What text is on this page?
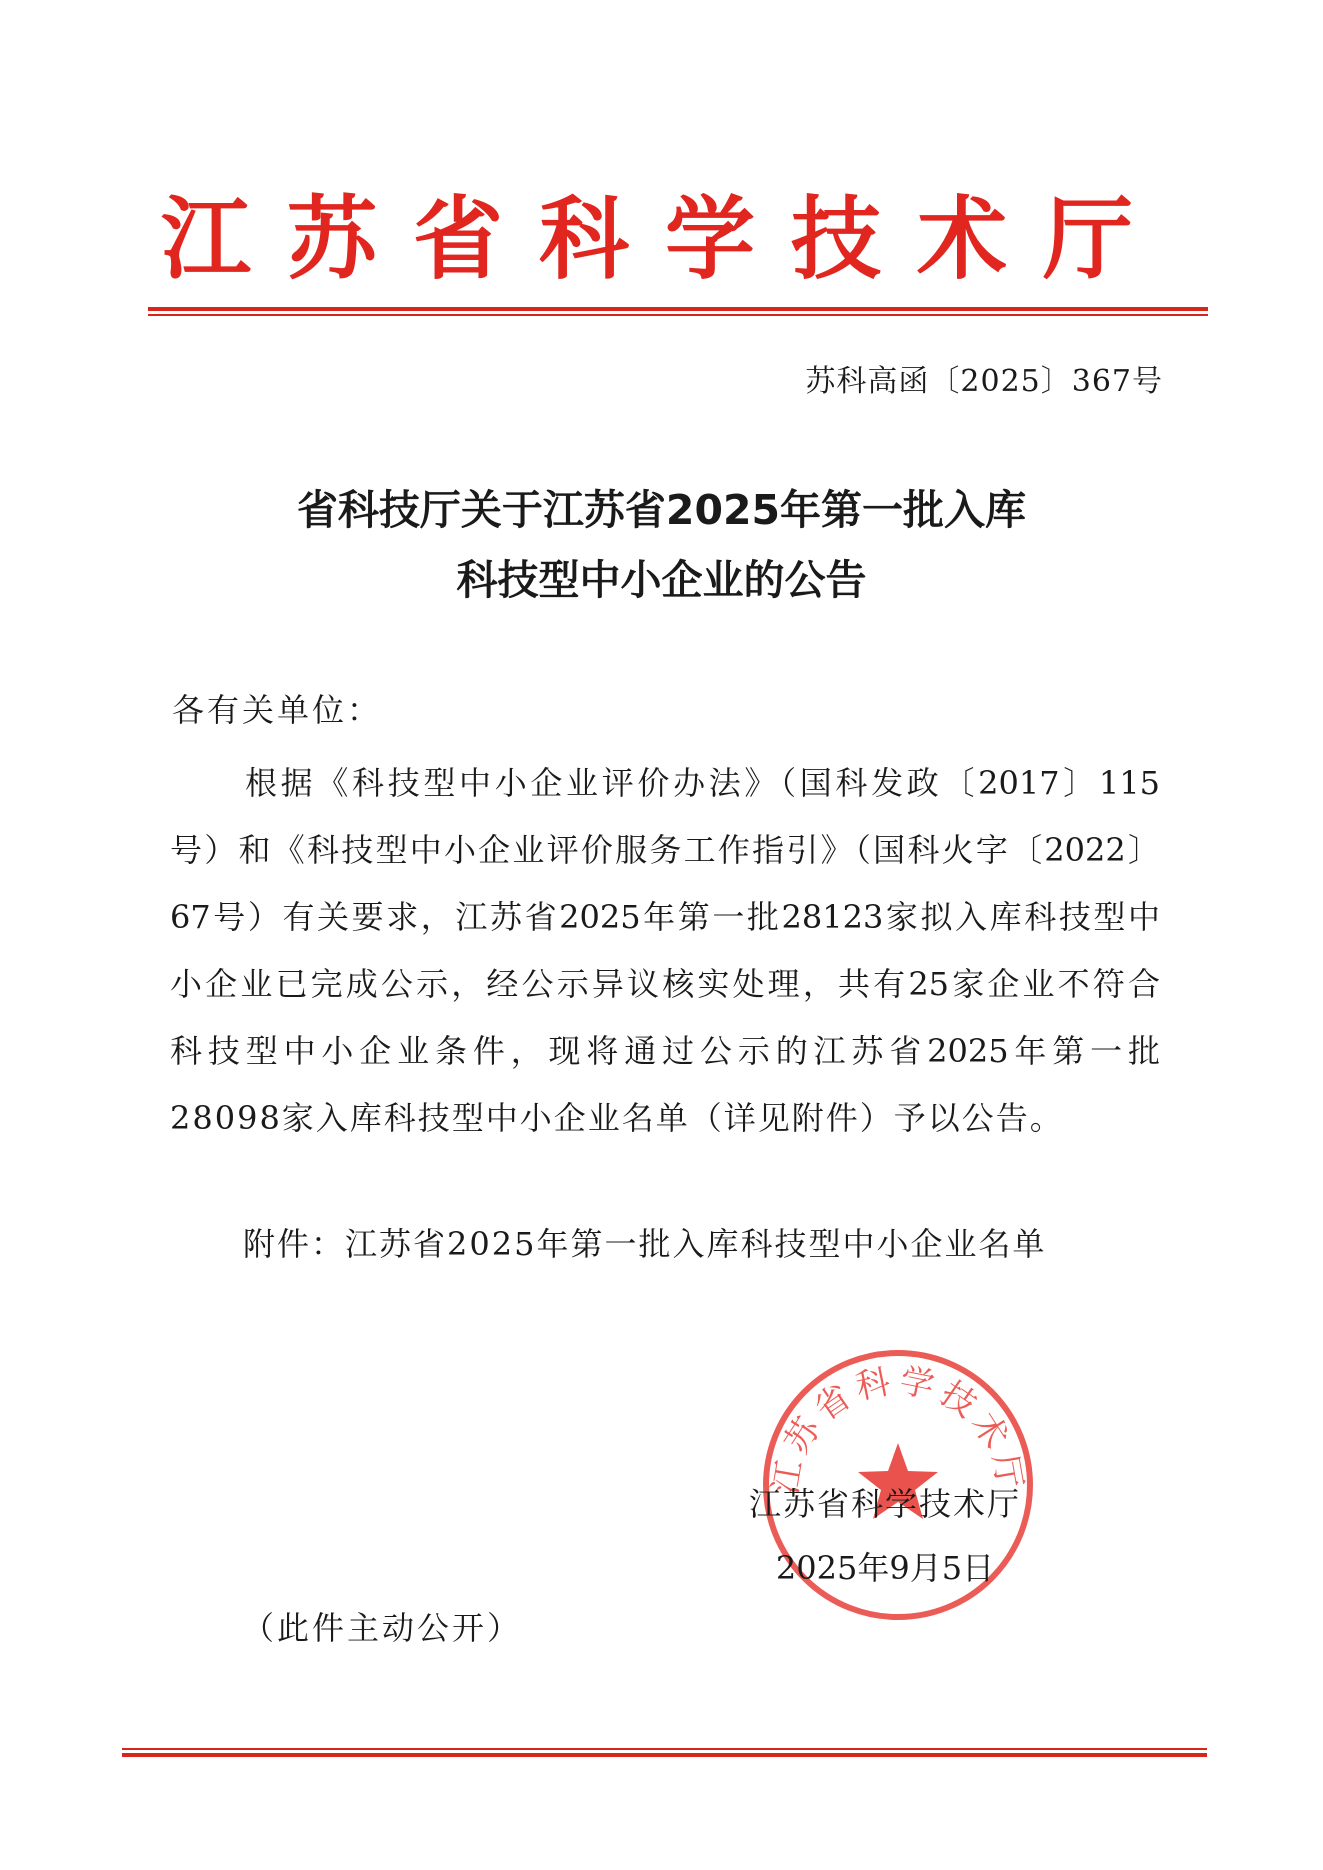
江苏省科学技术厅
苏科高函〔2025〕367号
省科技厅关于江苏省2025年第一批入库
科技型中小企业的公告
各有关单位：
根据《科技型中小企业评价办法》（国科发政〔2017〕115
号）和《科技型中小企业评价服务工作指引》（国科火字〔2022〕
67号）有关要求，江苏省2025年第一批28123家拟入库科技型中
小企业已完成公示，经公示异议核实处理，共有25家企业不符合
科技型中小企业条件，现将通过公示的江苏省2025年第一批
28098家入库科技型中小企业名单（详见附件）予以公告。
附件：江苏省2025年第一批入库科技型中小企业名单
江苏省科学技术厅
江苏省科学技术厅
2025年9月5日
（此件主动公开）
